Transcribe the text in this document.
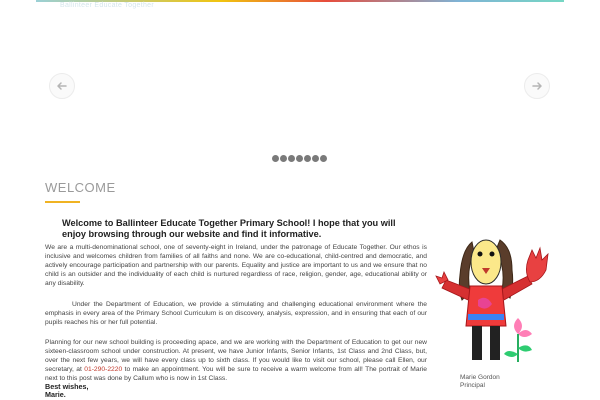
Ballinteer Educate Together
WELCOME

Welcome to Ballinteer Educate Together Primary School! I hope that you will enjoy browsing through our website and find it informative.

We are a multi-denominational school, one of seventy-eight in Ireland, under the patronage of Educate Together. Our ethos is inclusive and welcomes children from families of all faiths and none. We are co-educational, child-centred and democratic, and actively encourage participation and partnership with our parents. Equality and justice are important to us and we ensure that no child is an outsider and the individuality of each child is nurtured regardless of race, religion, gender, age, educational ability or any disability.

Under the Department of Education, we provide a stimulating and challenging educational environment where the emphasis in every area of the Primary School Curriculum is on discovery, analysis, expression, and in ensuring that each of our pupils reaches his or her full potential.

Planning for our new school building is proceeding apace, and we are working with the Department of Education to get our new sixteen-classroom school under construction. At present, we have Junior Infants, Senior Infants, 1st Class and 2nd Class, but, over the next few years, we will have every class up to sixth class. If you would like to visit our school, please call Ellen, our secretary, at 01-290-2220 to make an appointment. You will be sure to receive a warm welcome from all! The portrait of Marie next to this post was done by Callum who is now in 1st Class.

Best wishes,
Marie.
Marie Gordon
Principal
